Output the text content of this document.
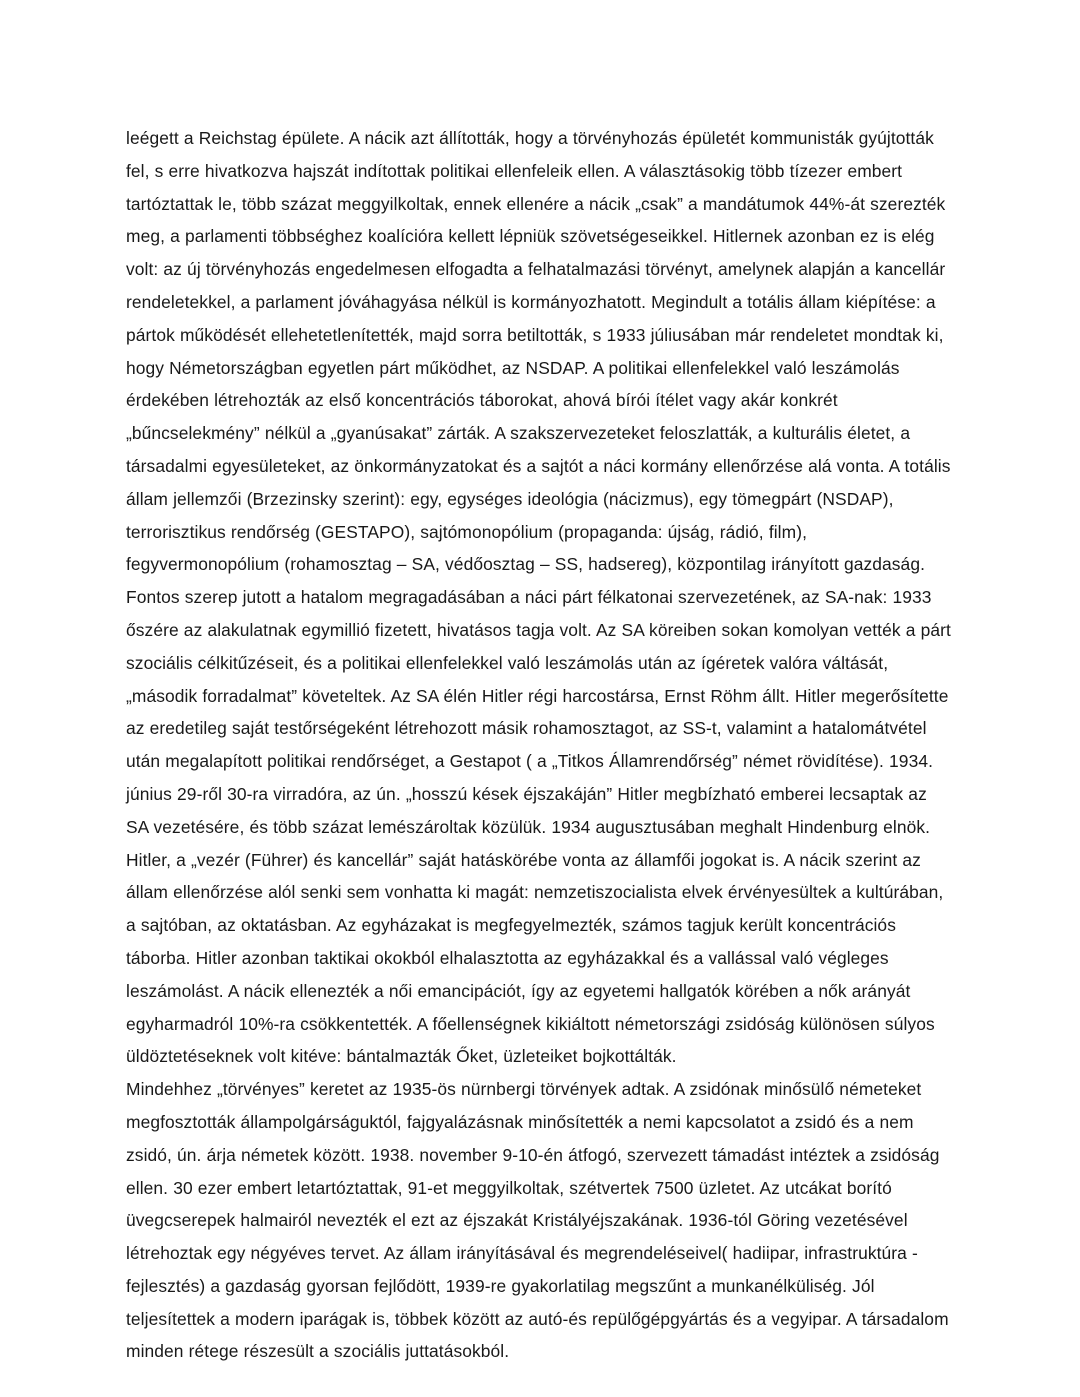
leégett a Reichstag épülete. A nácik azt állították, hogy a törvényhozás épületét kommunisták gyújtották fel, s erre hivatkozva hajszát indítottak politikai ellenfeleik ellen. A választásokig több tízezer embert tartóztattak le, több százat meggyilkoltak, ennek ellenére a nácik „csak” a mandátumok 44%-át szerezték meg, a parlamenti többséghez koalícióra kellett lépniük szövetségeseikkel. Hitlernek azonban ez is elég volt: az új törvényhozás engedelmesen elfogadta a felhatalmazási törvényt, amelynek alapján a kancellár rendeletekkel, a parlament jóváhagyása nélkül is kormányozhatott. Megindult a totális állam kiépítése: a pártok működését ellehetetlenítették, majd sorra betiltották, s 1933 júliusában már rendeletet mondtak ki, hogy Németországban egyetlen párt működhet, az NSDAP. A politikai ellenfelekkel való leszámolás érdekében létrehozták az első koncentrációs táborokat, ahová bírói ítélet vagy akár konkrét „bűncselekmény” nélkül a „gyanúsakat” zárták. A szakszervezeteket feloszlatták, a kulturális életet, a társadalmi egyesületeket, az önkormányzatokat és a sajtót a náci kormány ellenőrzése alá vonta. A totális állam jellemzői (Brzezinsky szerint): egy, egységes ideológia (nácizmus), egy tömegpárt (NSDAP), terrorisztikus rendőrség (GESTAPO), sajtómonopólium (propaganda: újság, rádió, film), fegyvermonopólium (rohamosztag – SA, védőosztag – SS, hadsereg), központilag irányított gazdaság.

Fontos szerep jutott a hatalom megragadásában a náci párt félkatonai szervezetének, az SA-nak: 1933 őszére az alakulatnak egymillió fizetett, hivatásos tagja volt. Az SA köreiben sokan komolyan vették a párt szociális célkitűzéseit, és a politikai ellenfelekkel való leszámolás után az ígéretek valóra váltását, „második forradalmat” követeltek. Az SA élén Hitler régi harcostársa, Ernst Röhm állt. Hitler megerősítette az eredetileg saját testőrségeként létrehozott másik rohamosztagot, az SS-t, valamint a hatalomátvétel után megalapított politikai rendőrséget, a Gestapot ( a „Titkos Államrendőrség” német rövidítése). 1934. június 29-ről 30-ra virradóra, az ún. „hosszú kések éjszakáján” Hitler megbízható emberei lecsaptak az SA vezetésére, és több százat lemészároltak közülük. 1934 augusztusában meghalt Hindenburg elnök. Hitler, a „vezér (Führer) és kancellár” saját hatáskörébe vonta az államfői jogokat is. A nácik szerint az állam ellenőrzése alól senki sem vonhatta ki magát: nemzetiszocialista elvek érvényesültek a kultúrában, a sajtóban, az oktatásban. Az egyházakat is megfegyelmezték, számos tagjuk került koncentrációs táborba. Hitler azonban taktikai okokból elhalasztotta az egyházakkal és a vallással való végleges leszámolást. A nácik ellenezték a női emancipációt, így az egyetemi hallgatók körében a nők arányát egyharmadról 10%-ra csökkentették. A főellenségnek kikiáltott németországi zsidóság különösen súlyos üldöztetéseknek volt kitéve: bántalmazták Őket, üzleteiket bojkottálták.

Mindehhez „törvényes” keretet az 1935-ös nürnbergi törvények adtak. A zsidónak minősülő németeket megfosztották állampolgárságuktól, fajgyalázásnak minősítették a nemi kapcsolatot a zsidó és a nem zsidó, ún. árja németek között. 1938. november 9-10-én átfogó, szervezett támadást intéztek a zsidóság ellen. 30 ezer embert letartóztattak, 91-et meggyilkoltak, szétvertek 7500 üzletet. Az utcákat borító üvegcserepek halmairól nevezték el ezt az éjszakát Kristályéjszakának. 1936-tól Göring vezetésével létrehoztak egy négyéves tervet. Az állam irányításával és megrendeléseivel( hadiipar, infrastruktúra - fejlesztés) a gazdaság gyorsan fejlődött, 1939-re gyakorlatilag megszűnt a munkanélküliség. Jól teljesítettek a modern iparágak is, többek között az autó-és repülőgépgyártás és a vegyipar. A társadalom minden rétege részesült a szociális juttatásokból.
